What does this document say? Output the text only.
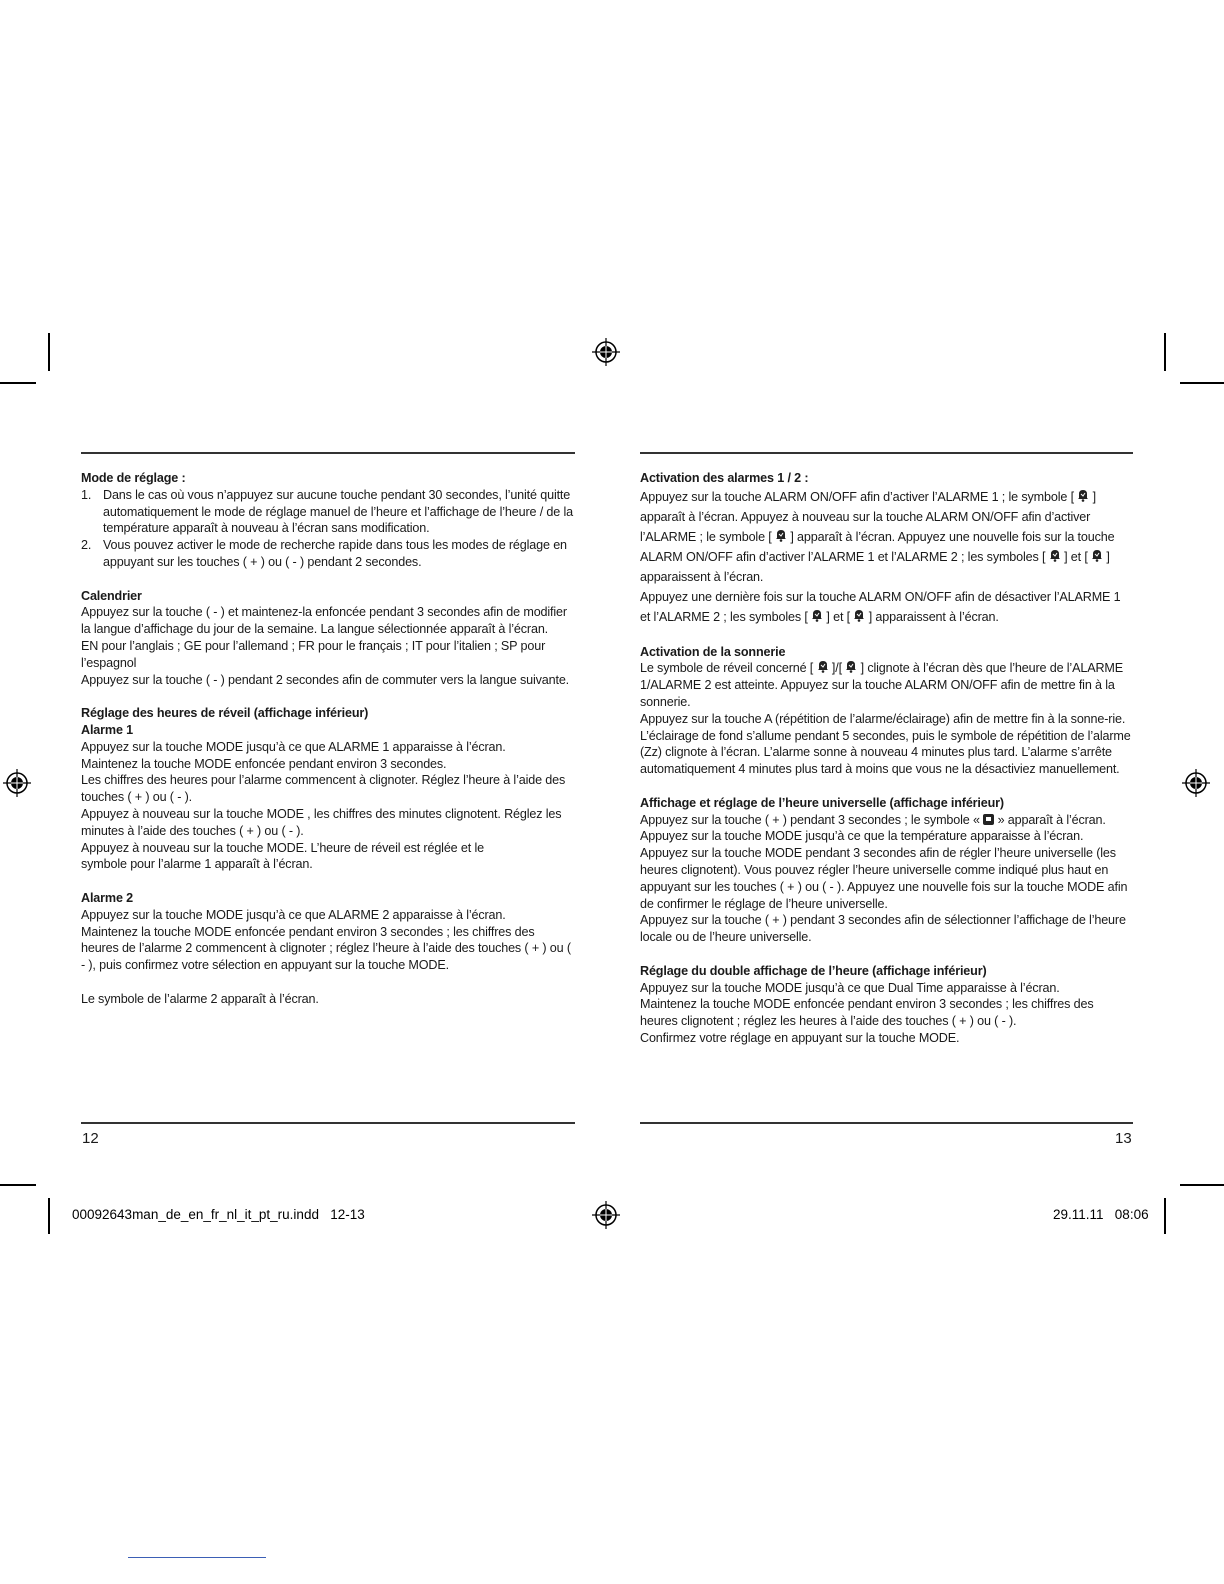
Mode de réglage :
1. Dans le cas où vous n’appuyez sur aucune touche pendant 30 secondes, l’unité quitte automatiquement le mode de réglage manuel de l’heure et l’affichage de l’heure / de la température apparaît à nouveau à l’écran sans modification.
2. Vous pouvez activer le mode de recherche rapide dans tous les modes de réglage en appuyant sur les touches ( + ) ou ( - ) pendant 2 secondes.
Calendrier

Appuyez sur la touche ( - ) et maintenez-la enfoncée pendant 3 secondes afin de modifier la langue d’affichage du jour de la semaine. La langue sélectionnée apparaît à l’écran.

EN pour l’anglais ; GE pour l’allemand ; FR pour le français ; IT pour l’italien ; SP pour l’espagnol

Appuyez sur la touche ( - ) pendant 2 secondes afin de commuter vers la langue suivante.

Réglage des heures de réveil (affichage inférieur)
Alarme 1

Appuyez sur la touche MODE jusqu’à ce que ALARME 1 apparaisse à l’écran.

Maintenez la touche MODE enfoncée pendant environ 3 secondes.

Les chiffres des heures pour l’alarme commencent à clignoter. Réglez l’heure à l’aide des touches ( + ) ou ( - ).

Appuyez à nouveau sur la touche MODE , les chiffres des minutes clignotent. Réglez les minutes à l’aide des touches ( + ) ou ( - ).

Appuyez à nouveau sur la touche MODE. L’heure de réveil est réglée et le symbole pour l’alarme 1 apparaît à l’écran.

Alarme 2

Appuyez sur la touche MODE jusqu’à ce que ALARME 2 apparaisse à l’écran.

Maintenez la touche MODE enfoncée pendant environ 3 secondes ; les chiffres des heures de l’alarme 2 commencent à clignoter ; réglez l’heure à l’aide des touches ( + ) ou ( - ), puis confirmez votre sélection en appuyant sur la touche MODE.

Le symbole de l’alarme 2 apparaît à l’écran.

Activation des alarmes 1 / 2 :

Appuyez sur la touche ALARM ON/OFF afin d’activer l’ALARME 1 ; le symbole [  ] apparaît à l’écran. Appuyez à nouveau sur la touche ALARM ON/OFF afin d’activer l’ALARME ; le symbole [ ] apparaît à l’écran. Appuyez une nouvelle fois sur la touche ALARM ON/OFF afin d’activer l’ALARME 1 et l’ALARME 2 ; les symboles [ ] et [ ] apparaissent à l’écran.

Appuyez une dernière fois sur la touche ALARM ON/OFF afin de désactiver l’ALARME 1 et l’ALARME 2 ; les symboles [ ] et [ ] apparaissent à l’écran.

Activation de la sonnerie

Le symbole de réveil concerné [ ]/[ ] clignote à l’écran dès que l’heure de l’ALARME 1/ALARME 2 est atteinte. Appuyez sur la touche ALARM ON/OFF afin de mettre fin à la sonnerie.

Appuyez sur la touche A (répétition de l’alarme/éclairage) afin de mettre fin à la sonne-rie. L’éclairage de fond s’allume pendant 5 secondes, puis le symbole de répétition de l’alarme (Zz) clignote à l’écran. L’alarme sonne à nouveau 4 minutes plus tard. L’alarme s’arrête automatiquement 4 minutes plus tard à moins que vous ne la désactiviez manuellement.

Affichage et réglage de l’heure universelle (affichage inférieur)

Appuyez sur la touche ( + ) pendant 3 secondes ; le symbole « » apparaît à l’écran.

Appuyez sur la touche MODE jusqu’à ce que la température apparaisse à l’écran.

Appuyez sur la touche MODE pendant 3 secondes afin de régler l’heure universelle (les heures clignotent). Vous pouvez régler l’heure universelle comme indiqué plus haut en appuyant sur les touches ( + ) ou ( - ). Appuyez une nouvelle fois sur la touche MODE afin de confirmer le réglage de l’heure universelle.

Appuyez sur la touche ( + ) pendant 3 secondes afin de sélectionner l’affichage de l’heure locale ou de l’heure universelle.

Réglage du double affichage de l’heure (affichage inférieur)

Appuyez sur la touche MODE jusqu’à ce que Dual Time apparaisse à l’écran.

Maintenez la touche MODE enfoncée pendant environ 3 secondes ; les chiffres des heures clignotent ; réglez les heures à l’aide des touches ( + ) ou ( - ).

Confirmez votre réglage en appuyant sur la touche MODE.

12	13
00092643man_de_en_fr_nl_it_pt_ru.indd   12-13	29.11.11   08:06
